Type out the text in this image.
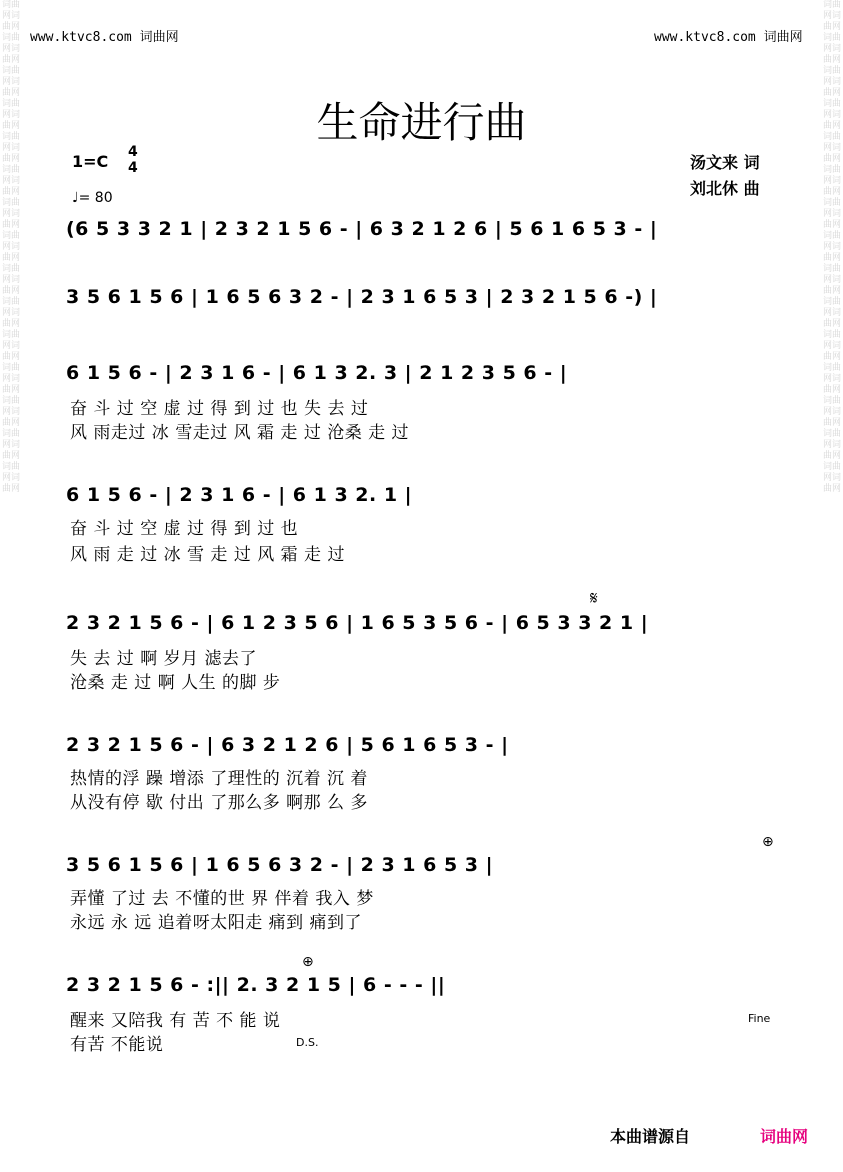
词曲网词曲网词曲网词曲网词曲网词曲网词曲网词曲网词曲网词曲网词曲网词曲网词曲网词曲网词曲网词曲网词曲网词曲网词曲网词曲网词曲网词曲网词曲网词曲网词曲网词曲网词曲网词曲网词曲网词曲网
词曲网词曲网词曲网词曲网词曲网词曲网词曲网词曲网词曲网词曲网词曲网词曲网词曲网词曲网词曲网词曲网词曲网词曲网词曲网词曲网词曲网词曲网词曲网词曲网词曲网词曲网词曲网词曲网词曲网词曲网
www.ktvc8.com 词曲网	www.ktvc8.com 词曲网
生命进行曲
1=C 4
4
♩= 80
汤文来 词
刘北休 曲
(6 5 3 3 2 1 | 2 3 2 1 5 6 - | 6 3 2 1 2 6 | 5 6 1 6 5 3 - |
3 5 6 1 5 6 | 1 6 5 6 3 2 - | 2 3 1 6 5 3 | 2 3 2 1 5 6 -) |
6 1 5 6 - | 2 3 1 6 - | 6 1 3 2. 3 | 2 1 2 3 5 6 - |
奋 斗 过 空 虚 过 得 到 过 也 失 去 过
风 雨走过 冰 雪走过 风 霜 走 过 沧桑 走 过
6 1 5 6 - | 2 3 1 6 - | 6 1 3 2. 1 |
奋 斗 过 空 虚 过 得 到 过 也
风 雨 走 过 冰 雪 走 过 风 霜 走 过
𝄋
2 3 2 1 5 6 - | 6 1 2 3 5 6 | 1 6 5 3 5 6 - | 6 5 3 3 2 1 |
失 去 过 啊 岁月 滤去了
沧桑 走 过 啊 人生 的脚 步
2 3 2 1 5 6 - | 6 3 2 1 2 6 | 5 6 1 6 5 3 - |
热情的浮 躁 增添 了理性的 沉着 沉 着
从没有停 歇 付出 了那么多 啊那 么 多
⊕
3 5 6 1 5 6 | 1 6 5 6 3 2 - | 2 3 1 6 5 3 |
弄懂 了过 去 不懂的世 界 伴着 我入 梦
永远 永 远 追着呀太阳走 痛到 痛到了
⊕
2 3 2 1 5 6 - :|| 2. 3 2 1 5 | 6 - - - ||
醒来 又陪我 有 苦 不 能 说
有苦 不能说
Fine
D.S.
本曲谱源自	词曲网
